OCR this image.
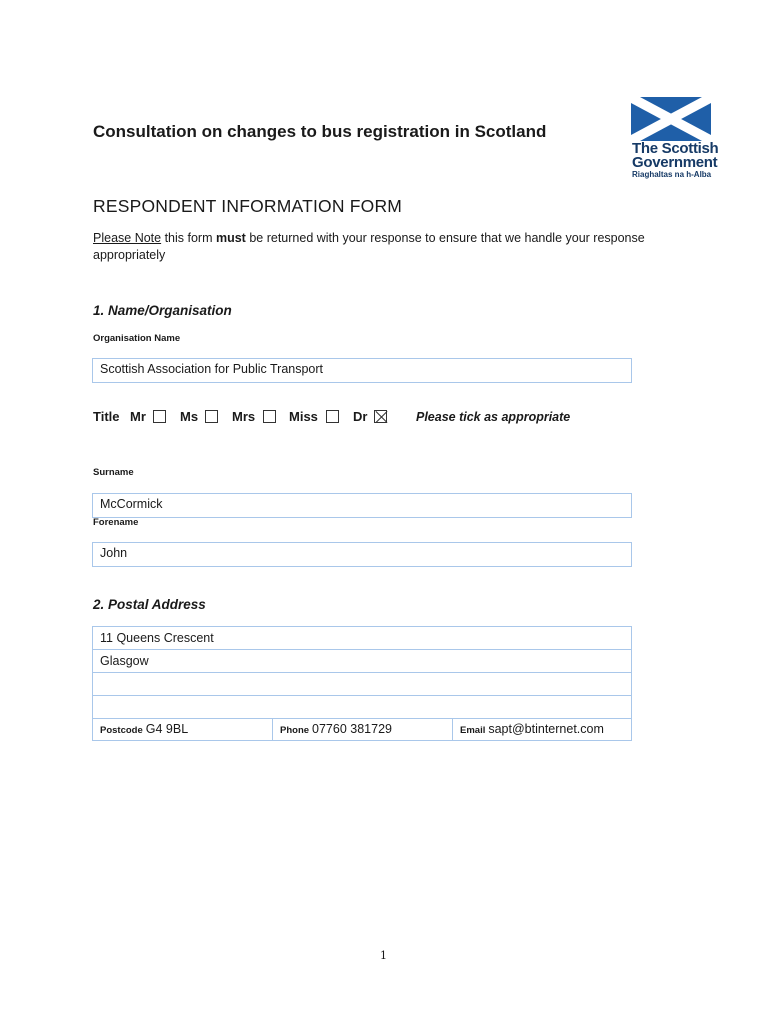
The Scottish
Government
Riaghaltas na h-Alba
Consultation on changes to bus registration in Scotland
RESPONDENT INFORMATION FORM
Please Note this form must be returned with your response to ensure that we handle your response appropriately
1. Name/Organisation
Organisation Name
Scottish Association for Public Transport
Title Mr	Ms	Mrs	Miss	Dr	Please tick as appropriate
Surname
McCormick
Forename
John
2. Postal Address
11 Queens Crescent
Glasgow
Postcode G4 9BL	Phone 07760 381729	Email sapt@btinternet.com
1
